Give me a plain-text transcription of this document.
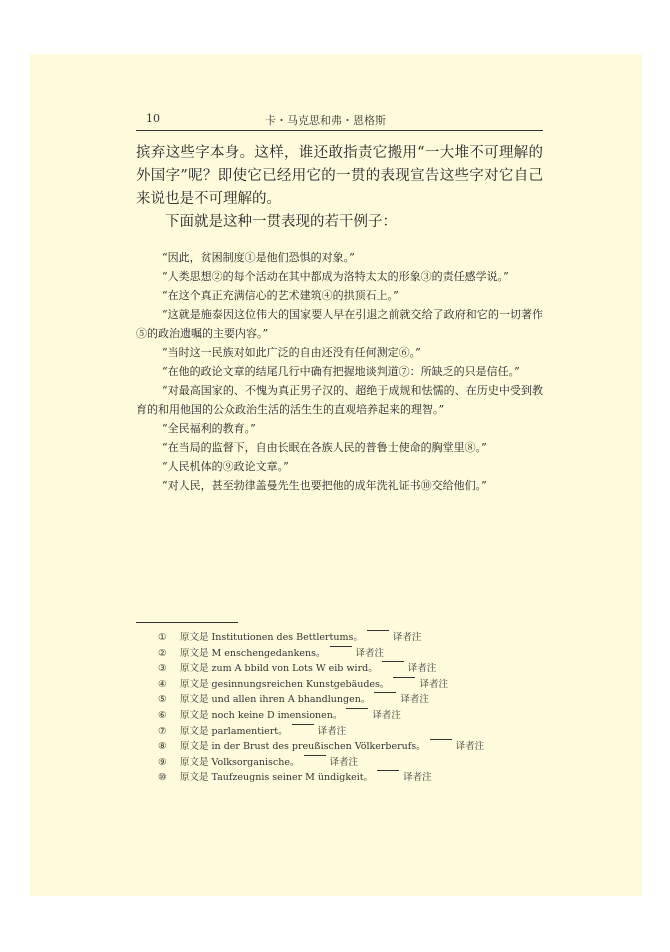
10	卡・马克思和弗・恩格斯

摈弃这些字本身。这样，谁还敢指责它搬用“一大堆不可理解的外国字”呢？即使它已经用它的一贯的表现宣告这些字对它自己来说也是不可理解的。

下面就是这种一贯表现的若干例子：

“因此，贫困制度①是他们恐惧的对象。”

“人类思想②的每个活动在其中都成为洛特太太的形象③的责任感学说。”

“在这个真正充满信心的艺术建筑④的拱顶石上。”

“这就是施泰因这位伟大的国家要人早在引退之前就交给了政府和它的一切著作⑤的政治遗嘱的主要内容。”

“当时这一民族对如此广泛的自由还没有任何测定⑥。”

“在他的政论文章的结尾几行中确有把握地谈判道⑦：所缺乏的只是信任。”

“对最高国家的、不愧为真正男子汉的、超绝于成规和怯懦的、在历史中受到教育的和用他国的公众政治生活的活生生的直观培养起来的理智。”

“全民福利的教育。”

“在当局的监督下，自由长眠在各族人民的普鲁士使命的胸堂里⑧。”

“人民机体的⑨政论文章。”

“对人民，甚至勃律盖曼先生也要把他的成年洗礼证书⑩交给他们。”

①	原文是 Institutionen des Bettlertums。	译者注
②	原文是 M enschengedankens。	译者注
③	原文是 zum A bbild von Lots W eib wird。	译者注
④	原文是 gesinnungsreichen Kunstgebäudes。	译者注
⑤	原文是 und allen ihren A bhandlungen。	译者注
⑥	原文是 noch keine D imensionen。	译者注
⑦	原文是 parlamentiert。	译者注
⑧	原文是 in der Brust des preußischen Völkerberufs。	译者注
⑨	原文是 Volksorganische。	译者注
⑩	原文是 Taufzeugnis seiner M ündigkeit。	译者注
